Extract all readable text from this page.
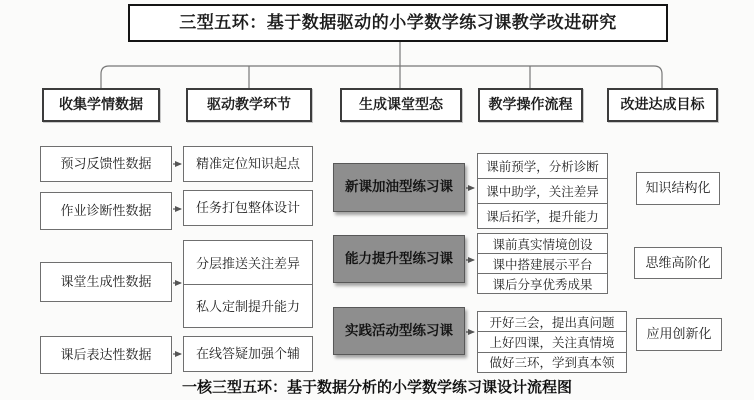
三型五环：基于数据驱动的小学数学练习课教学改进研究
收集学情数据	驱动教学环节	生成课堂型态	教学操作流程	改进达成目标
预习反馈性数据
作业诊断性数据
课堂生成性数据
课后表达性数据
精准定位知识起点
任务打包整体设计
分层推送关注差异
私人定制提升能力
在线答疑加强个辅
新课加油型练习课
能力提升型练习课
实践活动型练习课
课前预学，分析诊断
课中助学，关注差异
课后拓学，提升能力
课前真实情境创设
课中搭建展示平台
课后分享优秀成果
开好三会，提出真问题
上好四课，关注真情境
做好三环，学到真本领
知识结构化
思维高阶化
应用创新化
一核三型五环：基于数据分析的小学数学练习课设计流程图
